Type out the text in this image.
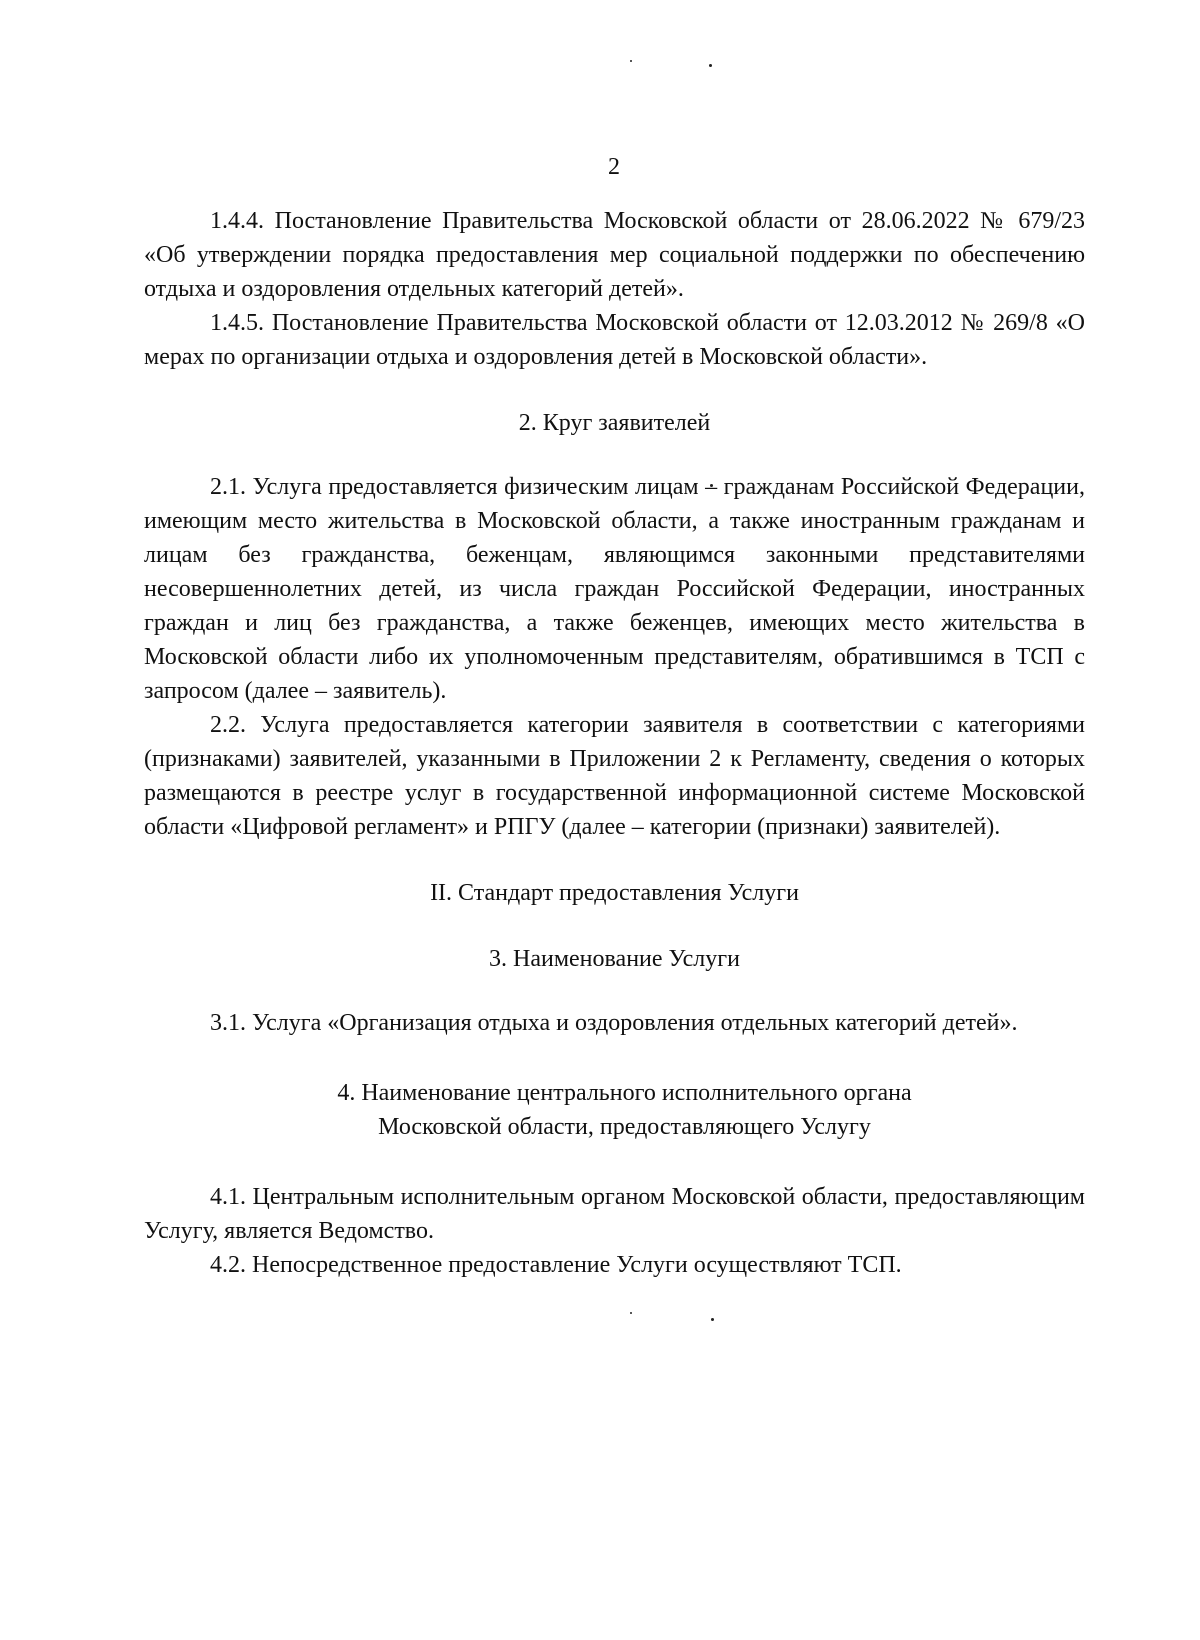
2

1.4.4. Постановление Правительства Московской области от 28.06.2022 № 679/23 «Об утверждении порядка предоставления мер социальной поддержки по обеспечению отдыха и оздоровления отдельных категорий детей».

1.4.5. Постановление Правительства Московской области от 12.03.2012 № 269/8 «О мерах по организации отдыха и оздоровления детей в Московской области».

2. Круг заявителей

2.1. Услуга предоставляется физическим лицам – гражданам Российской Федерации, имеющим место жительства в Московской области, а также иностранным гражданам и лицам без гражданства, беженцам, являющимся законными представителями несовершеннолетних детей, из числа граждан Российской Федерации, иностранных граждан и лиц без гражданства, а также беженцев, имеющих место жительства в Московской области либо их уполномоченным представителям, обратившимся в ТСП с запросом (далее – заявитель).

2.2. Услуга предоставляется категории заявителя в соответствии с категориями (признаками) заявителей, указанными в Приложении 2 к Регламенту, сведения о которых размещаются в реестре услуг в государственной информационной системе Московской области «Цифровой регламент» и РПГУ (далее – категории (признаки) заявителей).

II. Стандарт предоставления Услуги

3. Наименование Услуги

3.1. Услуга «Организация отдыха и оздоровления отдельных категорий детей».

4. Наименование центрального исполнительного органа
Московской области, предоставляющего Услугу

4.1. Центральным исполнительным органом Московской области, предоставляющим Услугу, является Ведомство.

4.2. Непосредственное предоставление Услуги осуществляют ТСП.
